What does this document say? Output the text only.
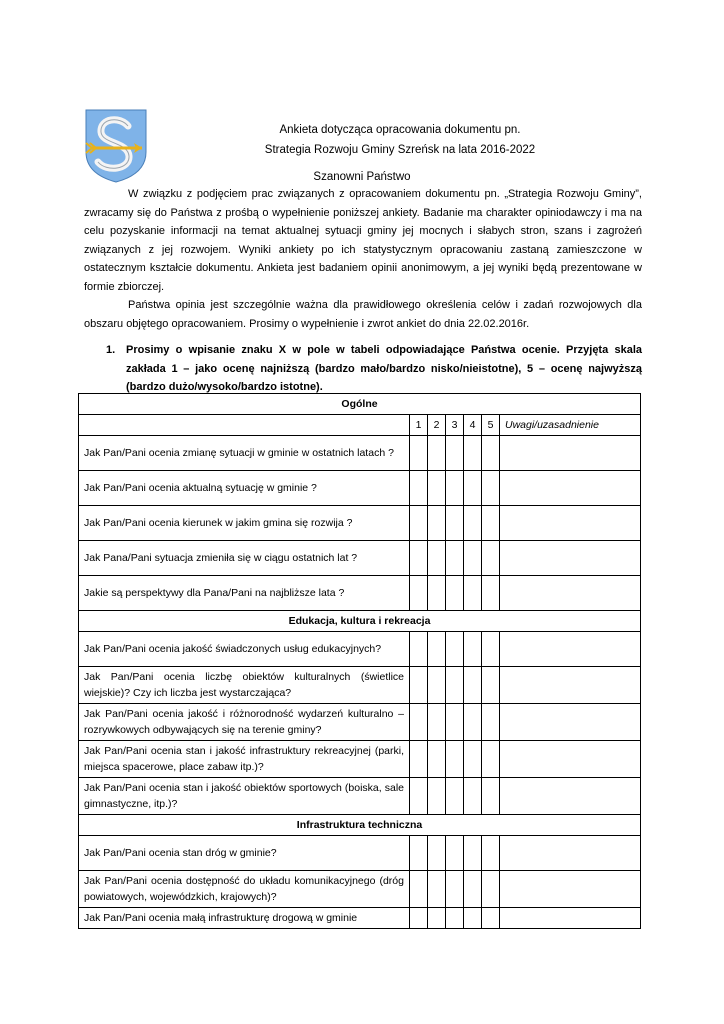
Ankieta dotycząca opracowania dokumentu pn.
Strategia Rozwoju Gminy Szreńsk na lata 2016-2022
Szanowni Państwo

W związku z podjęciem prac związanych z opracowaniem dokumentu pn. „Strategia Rozwoju Gminy”, zwracamy się do Państwa z prośbą o wypełnienie poniższej ankiety. Badanie ma charakter opiniodawczy i ma na celu pozyskanie informacji na temat aktualnej sytuacji gminy jej mocnych i słabych stron, szans i zagrożeń związanych z jej rozwojem. Wyniki ankiety po ich statystycznym opracowaniu zastaną zamieszczone w ostatecznym kształcie dokumentu. Ankieta jest badaniem opinii anonimowym, a jej wyniki będą prezentowane w formie zbiorczej.

Państwa opinia jest szczególnie ważna dla prawidłowego określenia celów i zadań rozwojowych dla obszaru objętego opracowaniem. Prosimy o wypełnienie i zwrot ankiet do dnia 22.02.2016r.

1. Prosimy o wpisanie znaku X w pole w tabeli odpowiadające Państwa ocenie. Przyjęta skala zakłada 1 – jako ocenę najniższą (bardzo mało/bardzo nisko/nieistotne), 5 – ocenę najwyższą (bardzo dużo/wysoko/bardzo istotne).
Ogólne						
	1	2	3	4	5	Uwagi/uzasadnienie
Jak Pan/Pani ocenia zmianę sytuacji w gminie w ostatnich latach ?						
Jak Pan/Pani ocenia aktualną sytuację w gminie ?						
Jak Pan/Pani ocenia kierunek w jakim gmina się rozwija ?						
Jak Pana/Pani sytuacja zmieniła się w ciągu ostatnich lat ?						
Jakie są perspektywy dla Pana/Pani na najbliższe lata ?						
Edukacja, kultura i rekreacja						
Jak Pan/Pani ocenia jakość świadczonych usług edukacyjnych?						
Jak Pan/Pani ocenia liczbę obiektów kulturalnych (świetlice wiejskie)? Czy ich liczba jest wystarczająca?						
Jak Pan/Pani ocenia jakość i różnorodność wydarzeń kulturalno – rozrywkowych odbywających się na terenie gminy?						
Jak Pan/Pani ocenia stan i jakość infrastruktury rekreacyjnej (parki, miejsca spacerowe, place zabaw itp.)?						
Jak Pan/Pani ocenia stan i jakość obiektów sportowych (boiska, sale gimnastyczne, itp.)?						
Infrastruktura techniczna						
Jak Pan/Pani ocenia stan dróg w gminie?						
Jak Pan/Pani ocenia dostępność do układu komunikacyjnego (dróg powiatowych, wojewódzkich, krajowych)?						
Jak Pan/Pani ocenia małą infrastrukturę drogową w gminie						
